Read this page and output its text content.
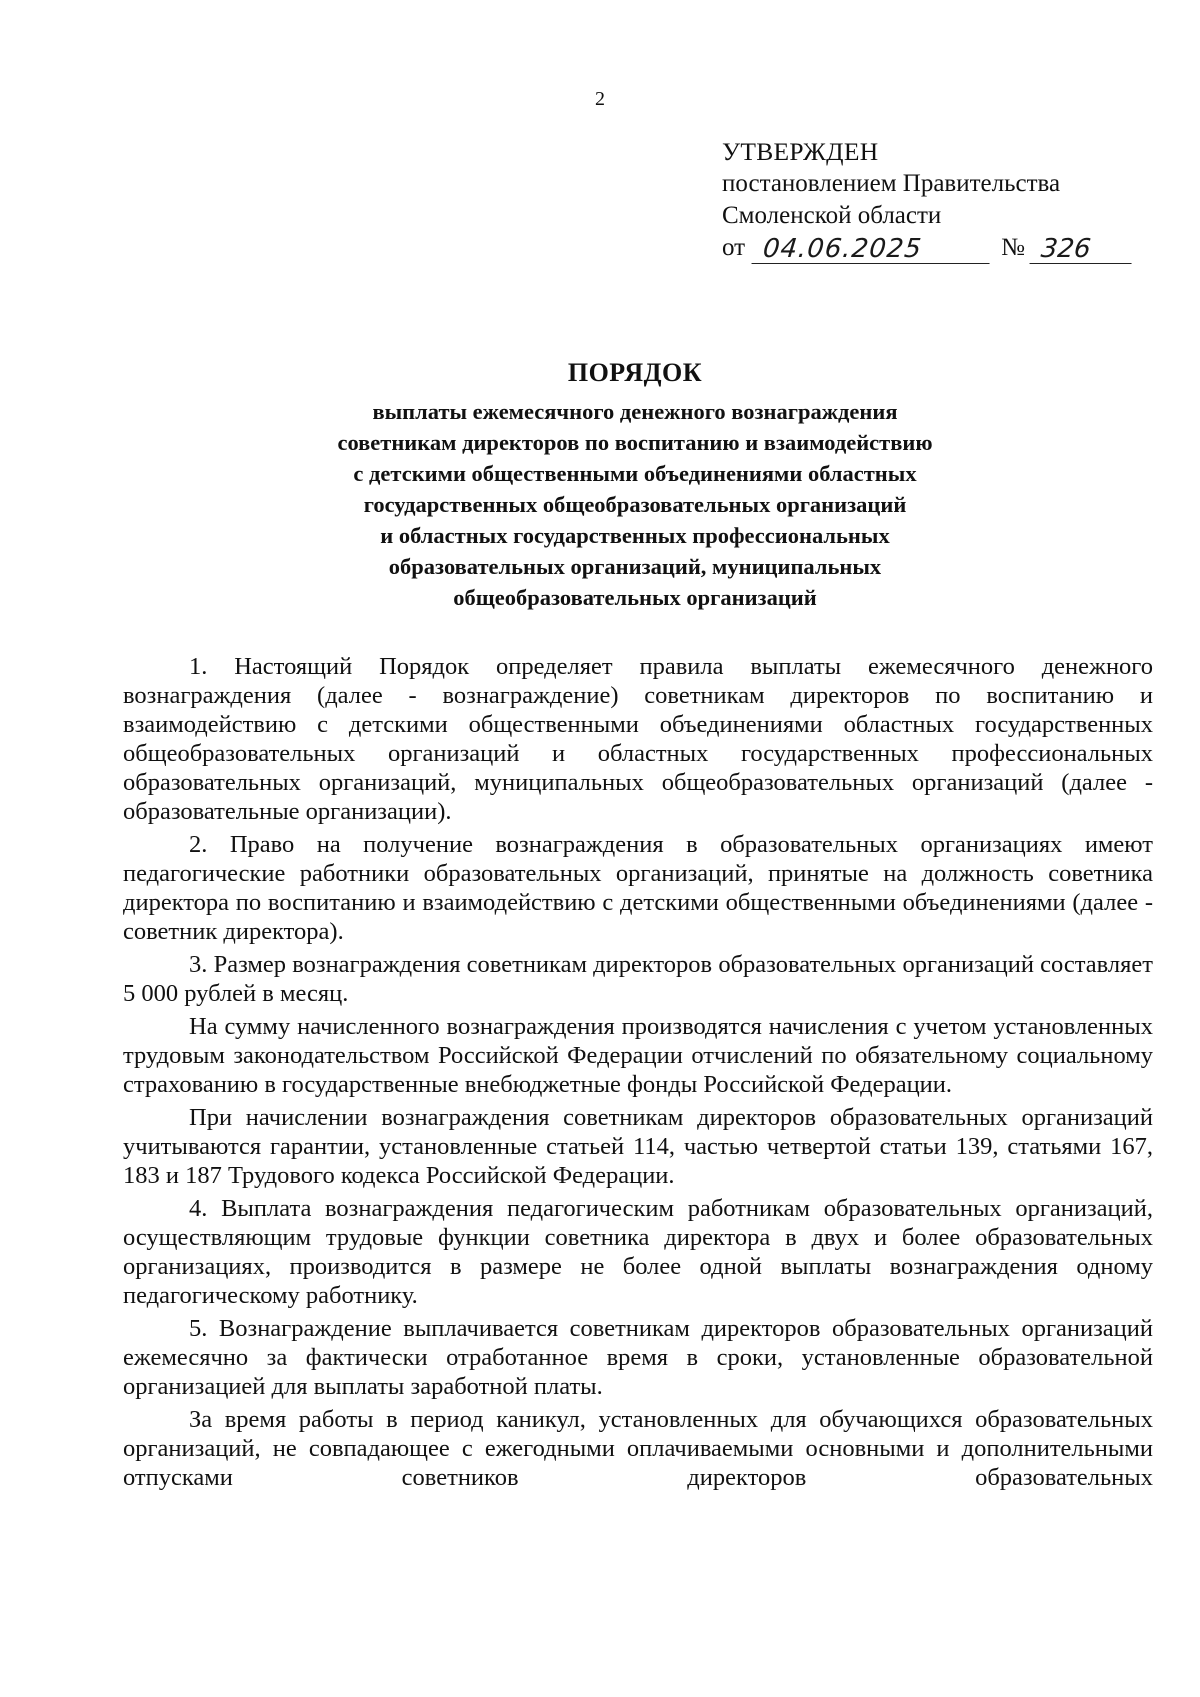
2
УТВЕРЖДЕН
постановлением Правительства
Смоленской области
от 04.06.2025	№ 326
ПОРЯДОК
выплаты ежемесячного денежного вознаграждения
советникам директоров по воспитанию и взаимодействию
с детскими общественными объединениями областных
государственных общеобразовательных организаций
и областных государственных профессиональных
образовательных организаций, муниципальных
общеобразовательных организаций

1. Настоящий Порядок определяет правила выплаты ежемесячного денежного вознаграждения (далее - вознаграждение) советникам директоров по воспитанию и взаимодействию с детскими общественными объединениями областных государственных общеобразовательных организаций и областных государственных профессиональных образовательных организаций, муниципальных общеобразовательных организаций (далее - образовательные организации).

2. Право на получение вознаграждения в образовательных организациях имеют педагогические работники образовательных организаций, принятые на должность советника директора по воспитанию и взаимодействию с детскими общественными объединениями (далее - советник директора).

3. Размер вознаграждения советникам директоров образовательных организаций составляет 5 000 рублей в месяц.

На сумму начисленного вознаграждения производятся начисления с учетом установленных трудовым законодательством Российской Федерации отчислений по обязательному социальному страхованию в государственные внебюджетные фонды Российской Федерации.

При начислении вознаграждения советникам директоров образовательных организаций учитываются гарантии, установленные статьей 114, частью четвертой статьи 139, статьями 167, 183 и 187 Трудового кодекса Российской Федерации.

4. Выплата вознаграждения педагогическим работникам образовательных организаций, осуществляющим трудовые функции советника директора в двух и более образовательных организациях, производится в размере не более одной выплаты вознаграждения одному педагогическому работнику.

5. Вознаграждение выплачивается советникам директоров образовательных организаций ежемесячно за фактически отработанное время в сроки, установленные образовательной организацией для выплаты заработной платы.

За время работы в период каникул, установленных для обучающихся образовательных организаций, не совпадающее с ежегодными оплачиваемыми основными и дополнительными отпусками советников директоров образовательных
